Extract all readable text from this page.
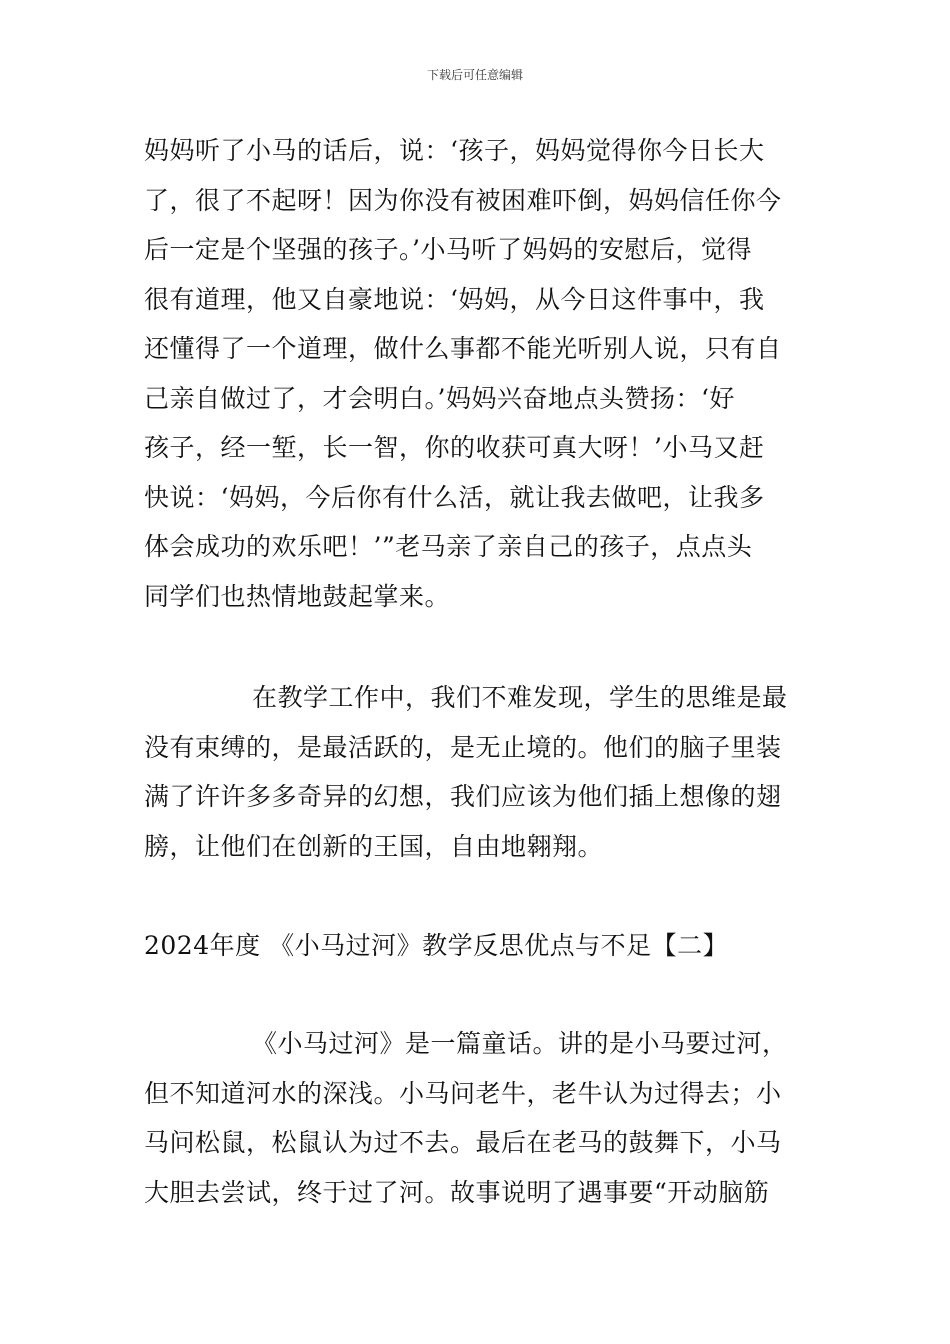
下载后可任意编辑
妈妈听了小马的话后，说：‘孩子，妈妈觉得你今日长大
了，很了不起呀！因为你没有被困难吓倒，妈妈信任你今
后一定是个坚强的孩子。’小马听了妈妈的安慰后，觉得
很有道理，他又自豪地说：‘妈妈，从今日这件事中，我
还懂得了一个道理，做什么事都不能光听别人说，只有自
己亲自做过了，才会明白。’妈妈兴奋地点头赞扬：‘好
孩子，经一堑，长一智，你的收获可真大呀！’小马又赶
快说：‘妈妈，今后你有什么活，就让我去做吧，让我多
体会成功的欢乐吧！’”老马亲了亲自己的孩子，点点头
同学们也热情地鼓起掌来。
在教学工作中，我们不难发现，学生的思维是最
没有束缚的，是最活跃的，是无止境的。他们的脑子里装
满了许许多多奇异的幻想，我们应该为他们插上想像的翅
膀，让他们在创新的王国，自由地翱翔。
2024年度 《小马过河》教学反思优点与不足【二】
《小马过河》是一篇童话。讲的是小马要过河，
但不知道河水的深浅。小马问老牛，老牛认为过得去；小
马问松鼠，松鼠认为过不去。最后在老马的鼓舞下，小马
大胆去尝试，终于过了河。故事说明了遇事要“开动脑筋
